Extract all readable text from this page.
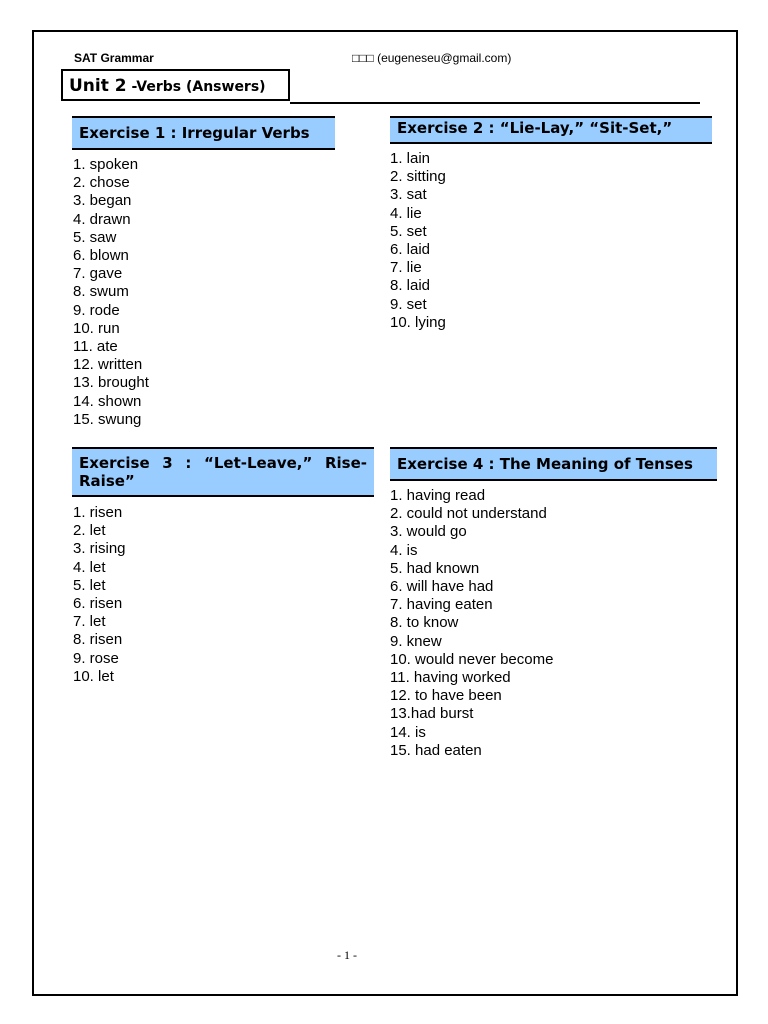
SAT Grammar	□□□ (eugeneseu@gmail.com)
Unit 2 -Verbs (Answers)
Exercise 1 : Irregular Verbs
1. spoken
2. chose
3. began
4. drawn
5. saw
6. blown
7. gave
8. swum
9. rode
10. run
11. ate
12. written
13. brought
14. shown
15. swung
Exercise 2 : “Lie-Lay,” “Sit-Set,”
1. lain
2. sitting
3. sat
4. lie
5. set
6. laid
7. lie
8. laid
9. set
10. lying
Exercise 3 : “Let-Leave,” Rise-Raise”
1. risen
2. let
3. rising
4. let
5. let
6. risen
7. let
8. risen
9. rose
10. let
Exercise 4 : The Meaning of Tenses
1. having read
2. could not understand
3. would go
4. is
5. had known
6. will have had
7. having eaten
8. to know
9. knew
10. would never become
11. having worked
12. to have been
13.had burst
14. is
15. had eaten
- 1 -
